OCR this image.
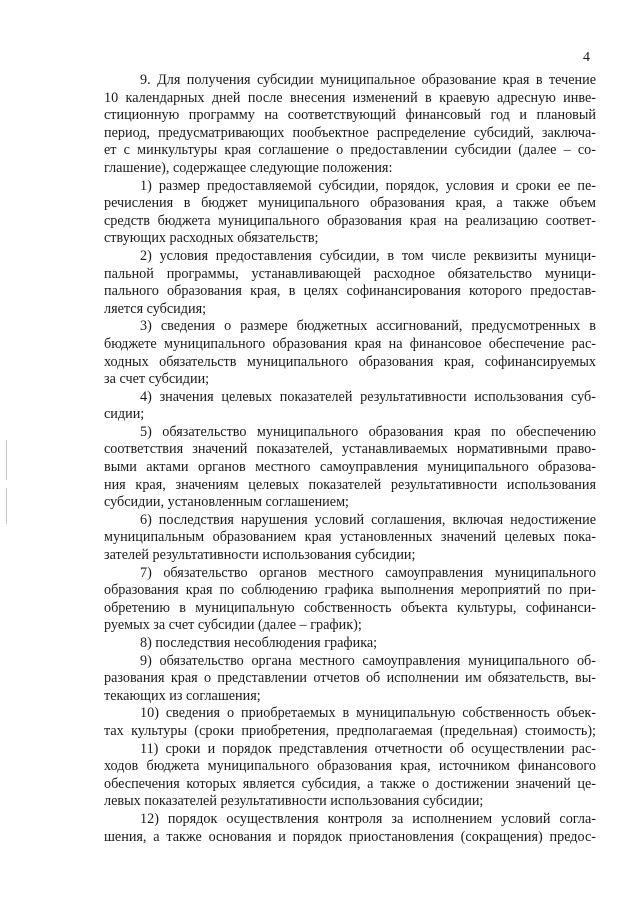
4
9. Для получения субсидии муниципальное образование края в течение
10 календарных дней после внесения изменений в краевую адресную инве-
стиционную программу на соответствующий финансовый год и плановый
период, предусматривающих пообъектное распределение субсидий, заключа-
ет с минкультуры края соглашение о предоставлении субсидии (далее – со-
глашение), содержащее следующие положения:
1) размер предоставляемой субсидии, порядок, условия и сроки ее пе-
речисления в бюджет муниципального образования края, а также объем
средств бюджета муниципального образования края на реализацию соответ-
ствующих расходных обязательств;
2) условия предоставления субсидии, в том числе реквизиты муници-
пальной программы, устанавливающей расходное обязательство муници-
пального образования края, в целях софинансирования которого предостав-
ляется субсидия;
3) сведения о размере бюджетных ассигнований, предусмотренных в
бюджете муниципального образования края на финансовое обеспечение рас-
ходных обязательств муниципального образования края, софинансируемых
за счет субсидии;
4) значения целевых показателей результативности использования суб-
сидии;
5) обязательство муниципального образования края по обеспечению
соответствия значений показателей, устанавливаемых нормативными право-
выми актами органов местного самоуправления муниципального образова-
ния края, значениям целевых показателей результативности использования
субсидии, установленным соглашением;
6) последствия нарушения условий соглашения, включая недостижение
муниципальным образованием края установленных значений целевых пока-
зателей результативности использования субсидии;
7) обязательство органов местного самоуправления муниципального
образования края по соблюдению графика выполнения мероприятий по при-
обретению в муниципальную собственность объекта культуры, софинанси-
руемых за счет субсидии (далее – график);
8) последствия несоблюдения графика;
9) обязательство органа местного самоуправления муниципального об-
разования края о представлении отчетов об исполнении им обязательств, вы-
текающих из соглашения;
10) сведения о приобретаемых в муниципальную собственность объек-
тах культуры (сроки приобретения, предполагаемая (предельная) стоимость);
11) сроки и порядок представления отчетности об осуществлении рас-
ходов бюджета муниципального образования края, источником финансового
обеспечения которых является субсидия, а также о достижении значений це-
левых показателей результативности использования субсидии;
12) порядок осуществления контроля за исполнением условий согла-
шения, а также основания и порядок приостановления (сокращения) предос-
